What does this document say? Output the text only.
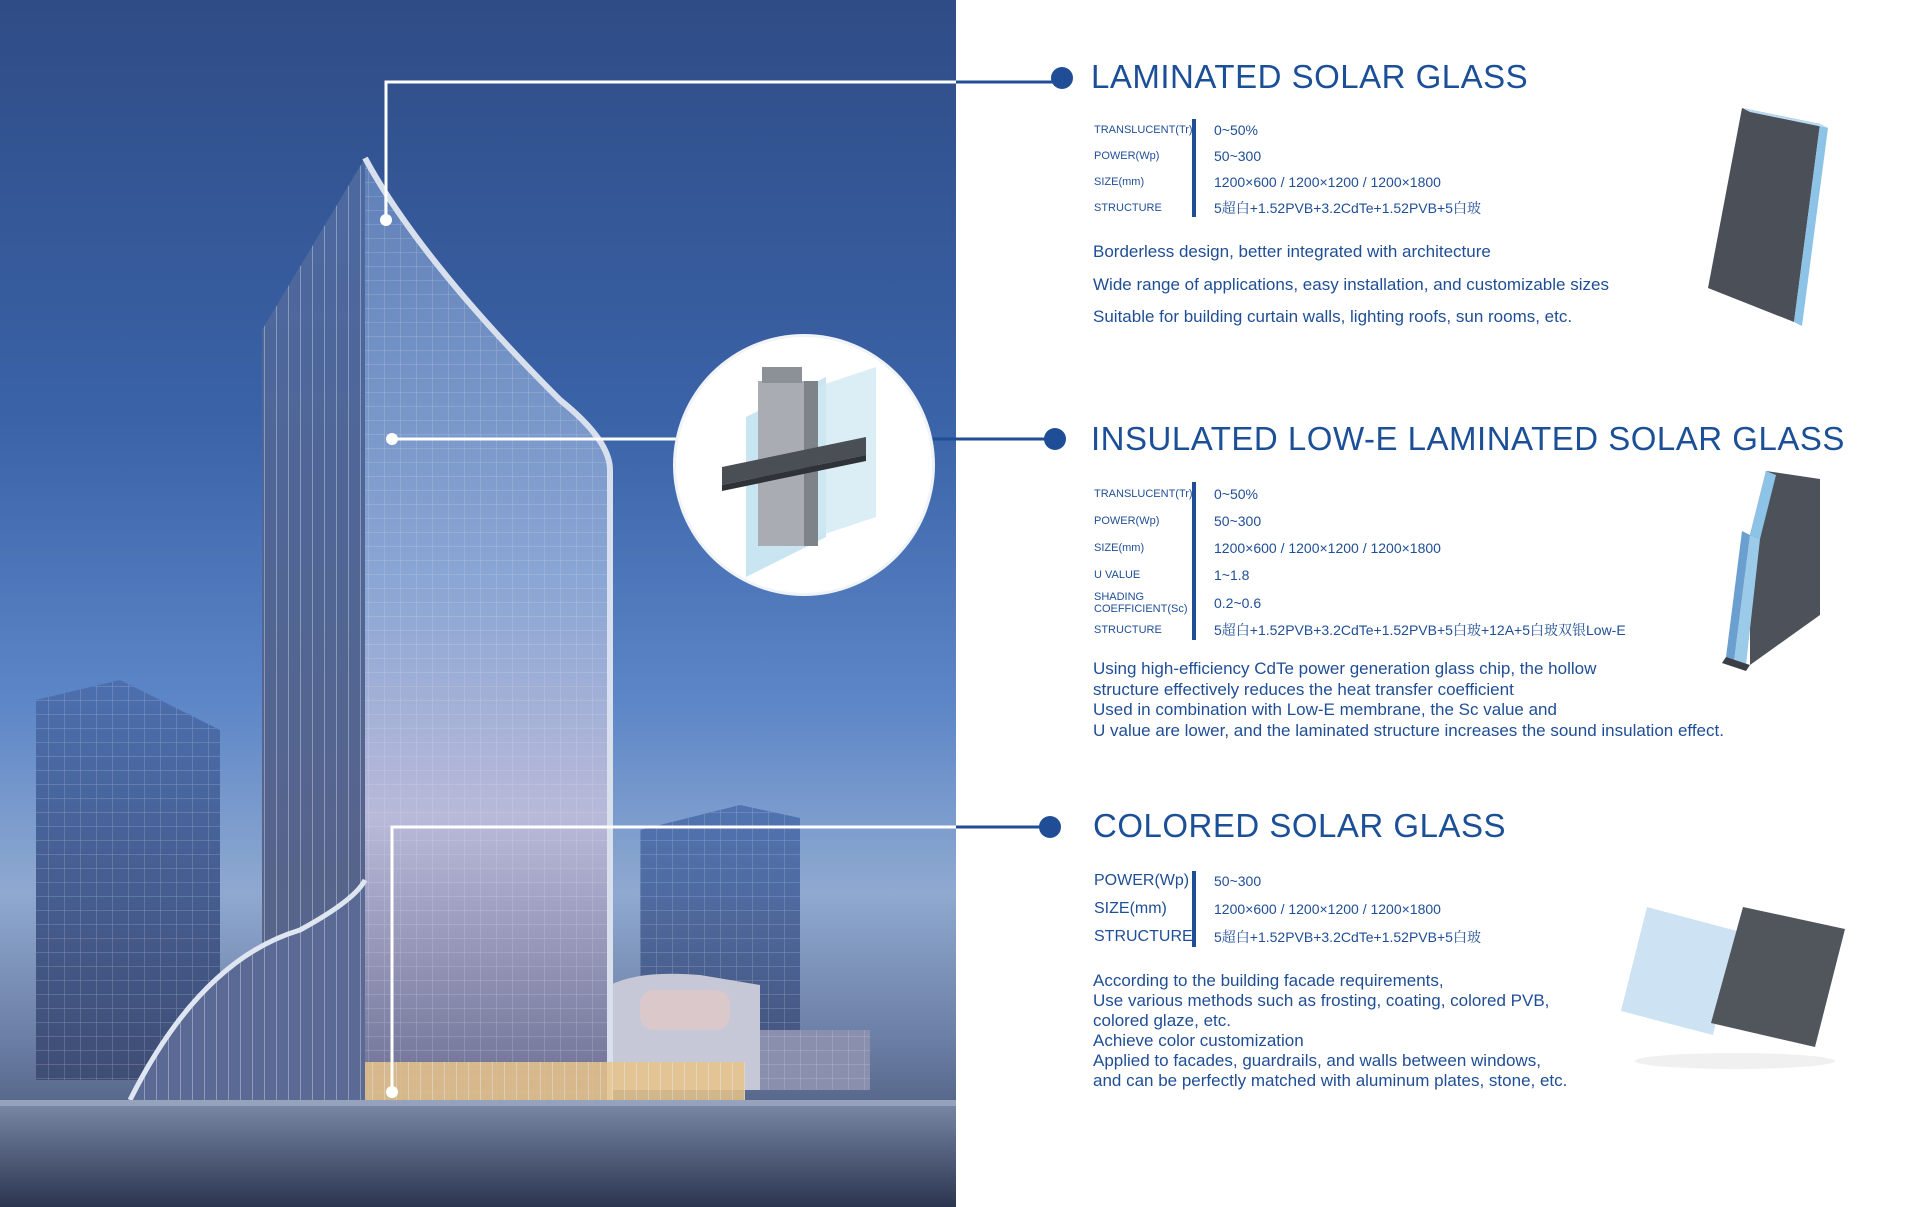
LAMINATED SOLAR GLASS
TRANSLUCENT(Tr)	0~50%
POWER(Wp)	50~300
SIZE(mm)	1200×600 / 1200×1200 / 1200×1800
STRUCTURE	5超白+1.52PVB+3.2CdTe+1.52PVB+5白玻

Borderless design, better integrated with architecture

Wide range of applications, easy installation, and customizable sizes

Suitable for building curtain walls, lighting roofs, sun rooms, etc.

INSULATED LOW-E LAMINATED SOLAR GLASS
TRANSLUCENT(Tr)	0~50%
POWER(Wp)	50~300
SIZE(mm)	1200×600 / 1200×1200 / 1200×1800
U VALUE	1~1.8
SHADING COEFFICIENT(Sc)	0.2~0.6
STRUCTURE	5超白+1.52PVB+3.2CdTe+1.52PVB+5白玻+12A+5白玻双银Low-E

Using high-efficiency CdTe power generation glass chip, the hollow

structure effectively reduces the heat transfer coefficient

Used in combination with Low-E membrane, the Sc value and

U value are lower, and the laminated structure increases the sound insulation effect.

COLORED SOLAR GLASS
POWER(Wp)	50~300
SIZE(mm)	1200×600 / 1200×1200 / 1200×1800
STRUCTURE	5超白+1.52PVB+3.2CdTe+1.52PVB+5白玻

According to the building facade requirements,

Use various methods such as frosting, coating, colored PVB,

colored glaze, etc.

Achieve color customization

Applied to facades, guardrails, and walls between windows,

and can be perfectly matched with aluminum plates, stone, etc.
